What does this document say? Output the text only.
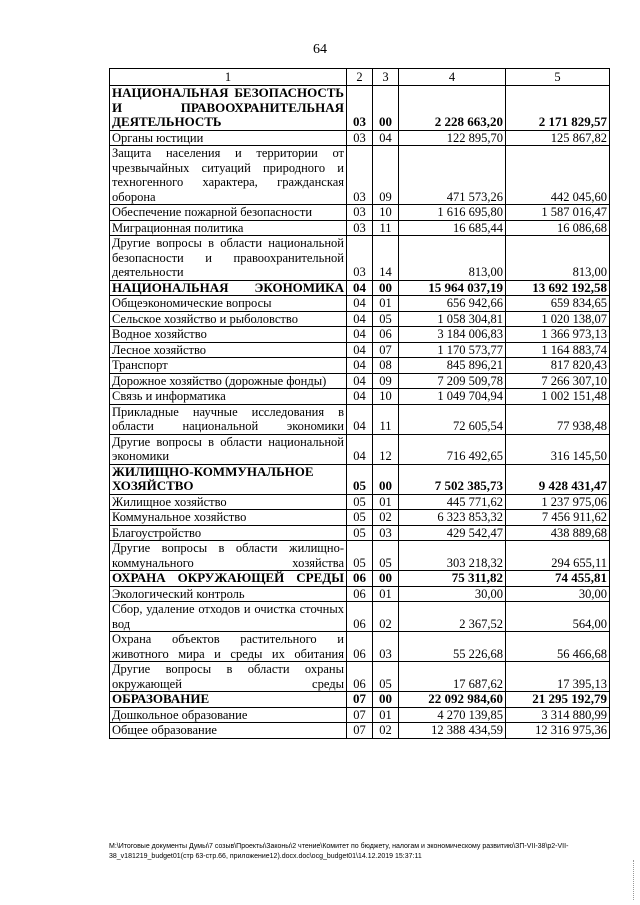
64
1	2	3	4	5
НАЦИОНАЛЬНАЯ БЕЗОПАСНОСТЬ И ПРАВООХРАНИТЕЛЬНАЯ ДЕЯТЕЛЬНОСТЬ	03	00	2 228 663,20	2 171 829,57
Органы юстиции	03	04	122 895,70	125 867,82
Защита населения и территории от чрезвычайных ситуаций природного и техногенного характера, гражданская оборона	03	09	471 573,26	442 045,60
Обеспечение пожарной безопасности	03	10	1 616 695,80	1 587 016,47
Миграционная политика	03	11	16 685,44	16 086,68
Другие вопросы в области национальной безопасности и правоохранительной деятельности	03	14	813,00	813,00
НАЦИОНАЛЬНАЯ ЭКОНОМИКА	04	00	15 964 037,19	13 692 192,58
Общеэкономические вопросы	04	01	656 942,66	659 834,65
Сельское хозяйство и рыболовство	04	05	1 058 304,81	1 020 138,07
Водное хозяйство	04	06	3 184 006,83	1 366 973,13
Лесное хозяйство	04	07	1 170 573,77	1 164 883,74
Транспорт	04	08	845 896,21	817 820,43
Дорожное хозяйство (дорожные фонды)	04	09	7 209 509,78	7 266 307,10
Связь и информатика	04	10	1 049 704,94	1 002 151,48
Прикладные научные исследования в области национальной экономики	04	11	72 605,54	77 938,48
Другие вопросы в области национальной экономики	04	12	716 492,65	316 145,50
ЖИЛИЩНО-КОММУНАЛЬНОЕ ХОЗЯЙСТВО	05	00	7 502 385,73	9 428 431,47
Жилищное хозяйство	05	01	445 771,62	1 237 975,06
Коммунальное хозяйство	05	02	6 323 853,32	7 456 911,62
Благоустройство	05	03	429 542,47	438 889,68
Другие вопросы в области жилищно-коммунального хозяйства	05	05	303 218,32	294 655,11
ОХРАНА ОКРУЖАЮЩЕЙ СРЕДЫ	06	00	75 311,82	74 455,81
Экологический контроль	06	01	30,00	30,00
Сбор, удаление отходов и очистка сточных вод	06	02	2 367,52	564,00
Охрана объектов растительного и животного мира и среды их обитания	06	03	55 226,68	56 466,68
Другие вопросы в области охраны окружающей среды	06	05	17 687,62	17 395,13
ОБРАЗОВАНИЕ	07	00	22 092 984,60	21 295 192,79
Дошкольное образование	07	01	4 270 139,85	3 314 880,99
Общее образование	07	02	12 388 434,59	12 316 975,36
M:\Итоговые документы Думы\7 созыв\Проекты\Законы\2 чтение\Комитет по бюджету, налогам и экономическому развитию\ЗП-VII-38\р2-VII-38_v181219_budget01(стр 63-стр.66, приложение12).docx.doc\ocg_budget01\14.12.2019 15:37:11
